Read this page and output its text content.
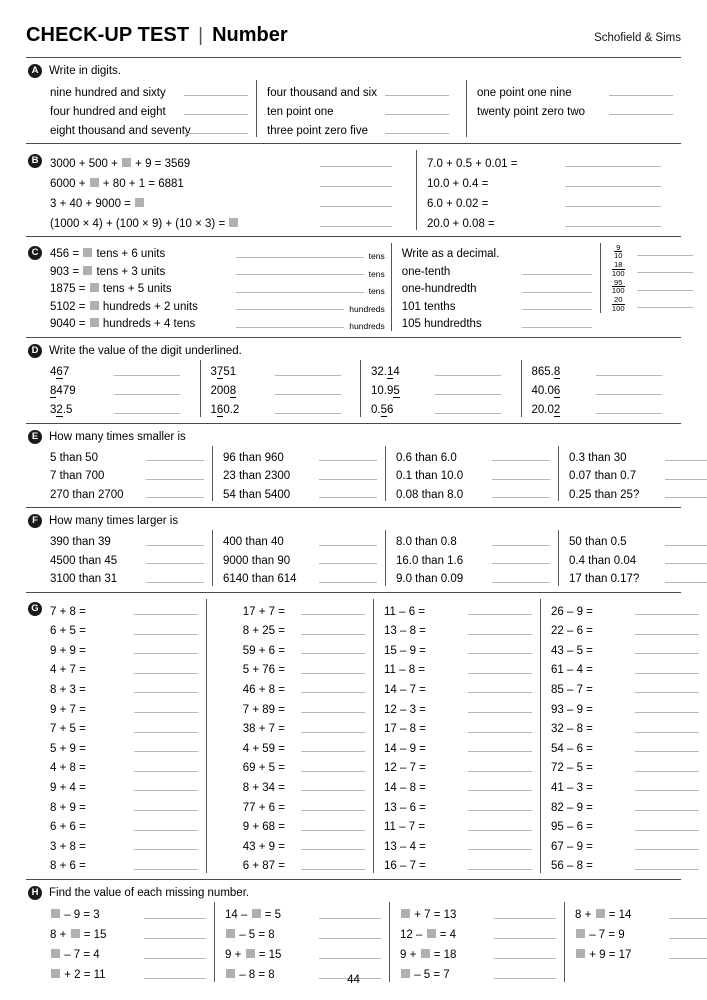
CHECK-UP TEST | Number	Schofield & Sims
A Write in digits.
nine hundred and sixty
four hundred and eight
eight thousand and seventy
four thousand and six
ten point one
three point zero five
one point one nine
twenty point zero two
B	3000 + 500 +  + 9 = 3569
6000 +  + 80 + 1 = 6881
3 + 40 + 9000 =
(1000 × 4) + (100 × 9) + (10 × 3) =
7.0 + 0.5 + 0.01 =
10.0 + 0.4 =
6.0 + 0.02 =
20.0 + 0.08 =
C	456 =  tens + 6 units	tens
903 =  tens + 3 units	tens
1875 =  tens + 5 units	tens
5102 =  hundreds + 2 units	hundreds
9040 =  hundreds + 4 tens	hundreds
Write as a decimal.
one-tenth
one-hundredth
101 tenths
105 hundredths
$\frac{9}{10}$
$\frac{18}{100}$
$\frac{95}{100}$
$\frac{20}{100}$
D Write the value of the digit underlined.
467
8479
32.5
3751
2008
160.2
32.14
10.95
0.56
865.8
40.06
20.02
E How many times smaller is
5 than 50
7 than 700
270 than 2700
96 than 960
23 than 2300
54 than 5400
0.6 than 6.0
0.1 than 10.0
0.08 than 8.0
0.3 than 30
0.07 than 0.7
0.25 than 25?
F How many times larger is
390 than 39
4500 than 45
3100 than 31
400 than 40
9000 than 90
6140 than 614
8.0 than 0.8
16.0 than 1.6
9.0 than 0.09
50 than 0.5
0.4 than 0.04
17 than 0.17?
G 7 + 8 =
6 + 5 =
9 + 9 =
4 + 7 =
8 + 3 =
9 + 7 =
7 + 5 =
5 + 9 =
4 + 8 =
9 + 4 =
8 + 9 =
6 + 6 =
3 + 8 =
8 + 6 =
17 + 7 =
8 + 25 =
59 + 6 =
5 + 76 =
46 + 8 =
7 + 89 =
38 + 7 =
4 + 59 =
69 + 5 =
8 + 34 =
77 + 6 =
9 + 68 =
43 + 9 =
6 + 87 =
11 – 6 =
13 – 8 =
15 – 9 =
11 – 8 =
14 – 7 =
12 – 3 =
17 – 8 =
14 – 9 =
12 – 7 =
14 – 8 =
13 – 6 =
11 – 7 =
13 – 4 =
16 – 7 =
26 – 9 =
22 – 6 =
43 – 5 =
61 – 4 =
85 – 7 =
93 – 9 =
32 – 8 =
54 – 6 =
72 – 5 =
41 – 3 =
82 – 9 =
95 – 6 =
67 – 9 =
56 – 8 =
H Find the value of each missing number.
– 9 = 3
8 +  = 15
– 7 = 4
+ 2 = 11
14 –  = 5
– 5 = 8
9 +  = 15
– 8 = 8
+ 7 = 13
12 –  = 4
9 +  = 18
– 5 = 7
8 +  = 14
– 7 = 9
+ 9 = 17
44
